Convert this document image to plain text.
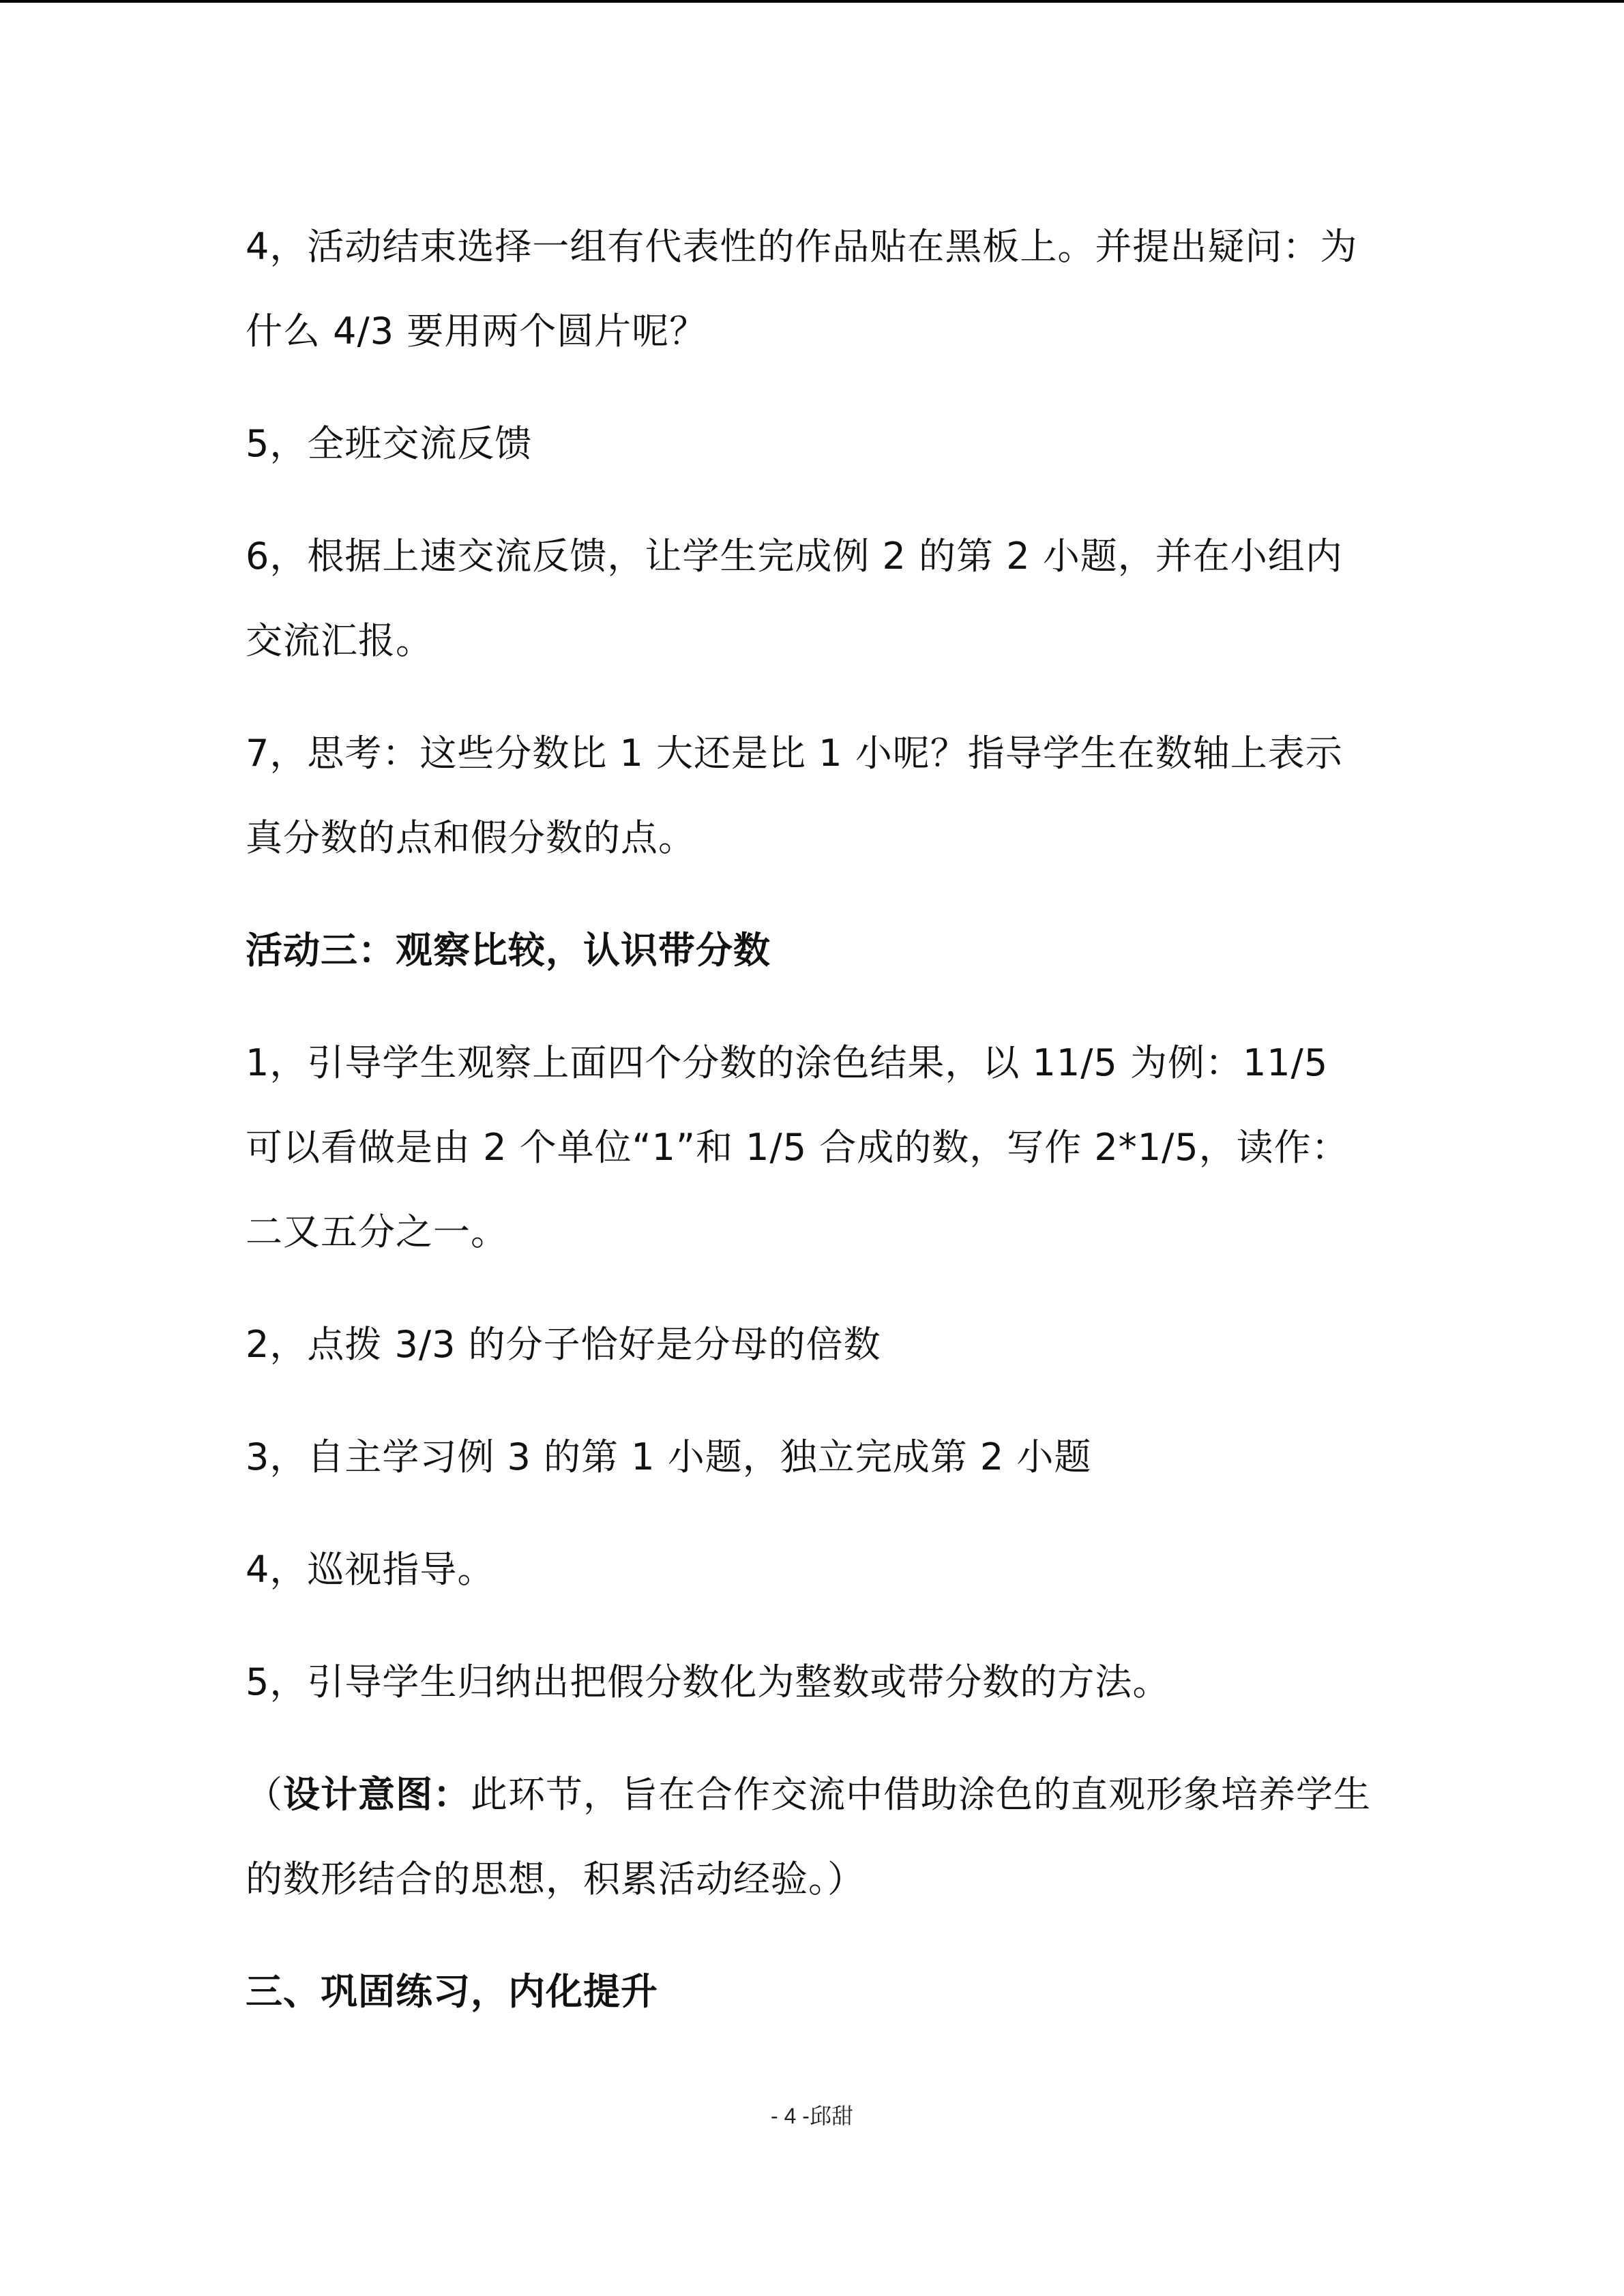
4，活动结束选择一组有代表性的作品贴在黑板上。并提出疑问：为什么 4/3 要用两个圆片呢？

5，全班交流反馈

6，根据上速交流反馈，让学生完成例 2 的第 2 小题，并在小组内交流汇报。

7，思考：这些分数比 1 大还是比 1 小呢？指导学生在数轴上表示真分数的点和假分数的点。

活动三：观察比较，认识带分数

1，引导学生观察上面四个分数的涂色结果，以 11/5 为例：11/5 可以看做是由 2 个单位“1”和 1/5 合成的数，写作 2*1/5，读作：二又五分之一。

2，点拨 3/3 的分子恰好是分母的倍数

3，自主学习例 3 的第 1 小题，独立完成第 2 小题

4，巡视指导。

5，引导学生归纳出把假分数化为整数或带分数的方法。

（设计意图：此环节，旨在合作交流中借助涂色的直观形象培养学生的数形结合的思想，积累活动经验。）

三、巩固练习，内化提升

- 4 -邱甜
